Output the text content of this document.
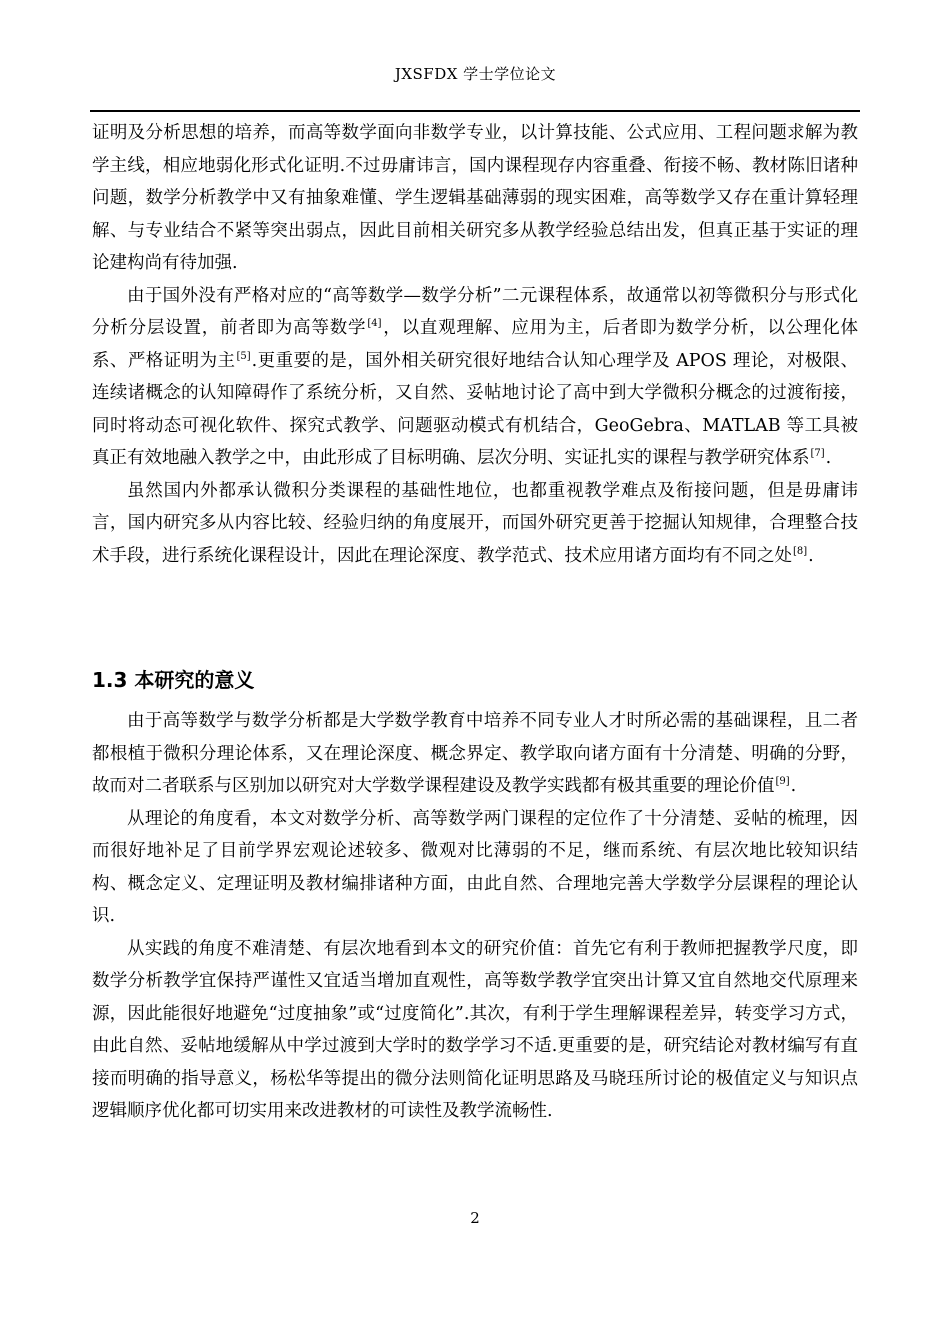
JXSFDX 学士学位论文

证明及分析思想的培养，而高等数学面向非数学专业，以计算技能、公式应用、工程问题求解为教学主线，相应地弱化形式化证明.不过毋庸讳言，国内课程现存内容重叠、衔接不畅、教材陈旧诸种问题，数学分析教学中又有抽象难懂、学生逻辑基础薄弱的现实困难，高等数学又存在重计算轻理解、与专业结合不紧等突出弱点，因此目前相关研究多从教学经验总结出发，但真正基于实证的理论建构尚有待加强.

由于国外没有严格对应的“高等数学—数学分析”二元课程体系，故通常以初等微积分与形式化分析分层设置，前者即为高等数学[4]，以直观理解、应用为主，后者即为数学分析，以公理化体系、严格证明为主[5].更重要的是，国外相关研究很好地结合认知心理学及 APOS 理论，对极限、连续诸概念的认知障碍作了系统分析，又自然、妥帖地讨论了高中到大学微积分概念的过渡衔接，同时将动态可视化软件、探究式教学、问题驱动模式有机结合，GeoGebra、MATLAB 等工具被真正有效地融入教学之中，由此形成了目标明确、层次分明、实证扎实的课程与教学研究体系[7].

虽然国内外都承认微积分类课程的基础性地位，也都重视教学难点及衔接问题，但是毋庸讳言，国内研究多从内容比较、经验归纳的角度展开，而国外研究更善于挖掘认知规律，合理整合技术手段，进行系统化课程设计，因此在理论深度、教学范式、技术应用诸方面均有不同之处[8].

1.3 本研究的意义

由于高等数学与数学分析都是大学数学教育中培养不同专业人才时所必需的基础课程，且二者都根植于微积分理论体系，又在理论深度、概念界定、教学取向诸方面有十分清楚、明确的分野，故而对二者联系与区别加以研究对大学数学课程建设及教学实践都有极其重要的理论价值[9].

从理论的角度看，本文对数学分析、高等数学两门课程的定位作了十分清楚、妥帖的梳理，因而很好地补足了目前学界宏观论述较多、微观对比薄弱的不足，继而系统、有层次地比较知识结构、概念定义、定理证明及教材编排诸种方面，由此自然、合理地完善大学数学分层课程的理论认识.

从实践的角度不难清楚、有层次地看到本文的研究价值：首先它有利于教师把握教学尺度，即数学分析教学宜保持严谨性又宜适当增加直观性，高等数学教学宜突出计算又宜自然地交代原理来源，因此能很好地避免“过度抽象”或“过度简化”.其次，有利于学生理解课程差异，转变学习方式，由此自然、妥帖地缓解从中学过渡到大学时的数学学习不适.更重要的是，研究结论对教材编写有直接而明确的指导意义，杨松华等提出的微分法则简化证明思路及马晓珏所讨论的极值定义与知识点逻辑顺序优化都可切实用来改进教材的可读性及教学流畅性.

2
